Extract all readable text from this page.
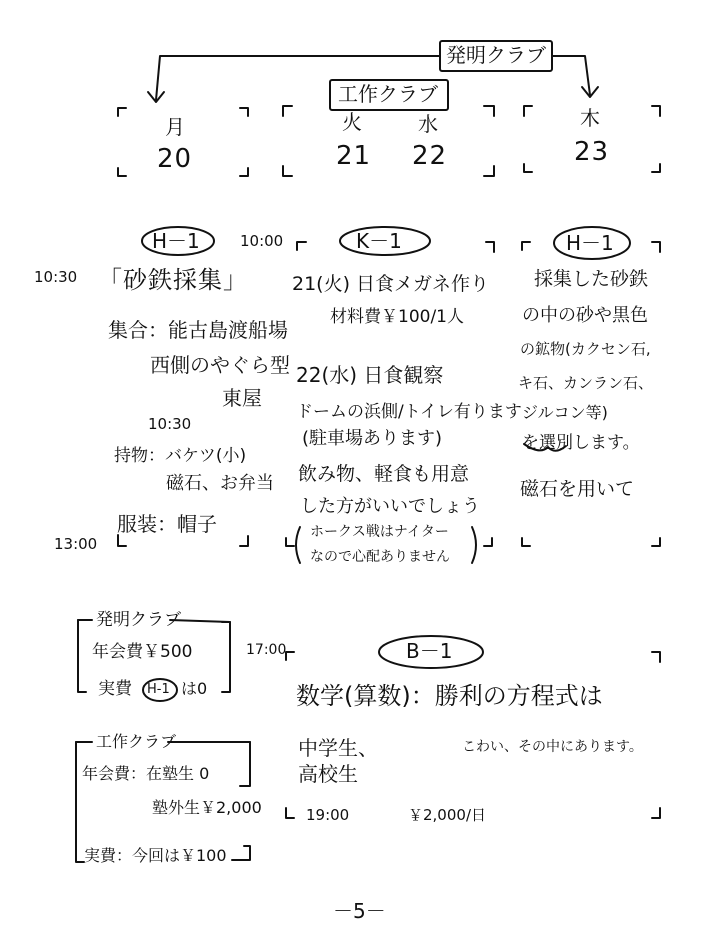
発明クラブ
工作クラブ
月
20
火
21
水
22
木
23
H－1	10:00	K－1	H－1
10:30 「砂鉄採集」
集合：能古島渡船場
西側のやぐら型
東屋
10:30
持物：バケツ(小)
磁石、お弁当
服装：帽子
21(火) 日食メガネ作り
材料費￥100/1人
22(水) 日食観察
ドームの浜側/トイレ有ります
(駐車場あります)
飲み物、軽食も用意
した方がいいでしょう
ホークス戦はナイター
なので心配ありません
採集した砂鉄
の中の砂や黒色
の鉱物(カクセン石,
キ石、カンラン石、
ジルコン等)
を選別します。
磁石を用いて
13:00
発明クラブ
年会費￥500
実費 H-1 は0
17:00	B－1
数学(算数)：勝利の方程式は
工作クラブ
年会費：在塾生 0
塾外生￥2,000
実費：今回は￥100
中学生、
高校生
こわい、その中にあります。
19:00	￥2,000/日
－5－
